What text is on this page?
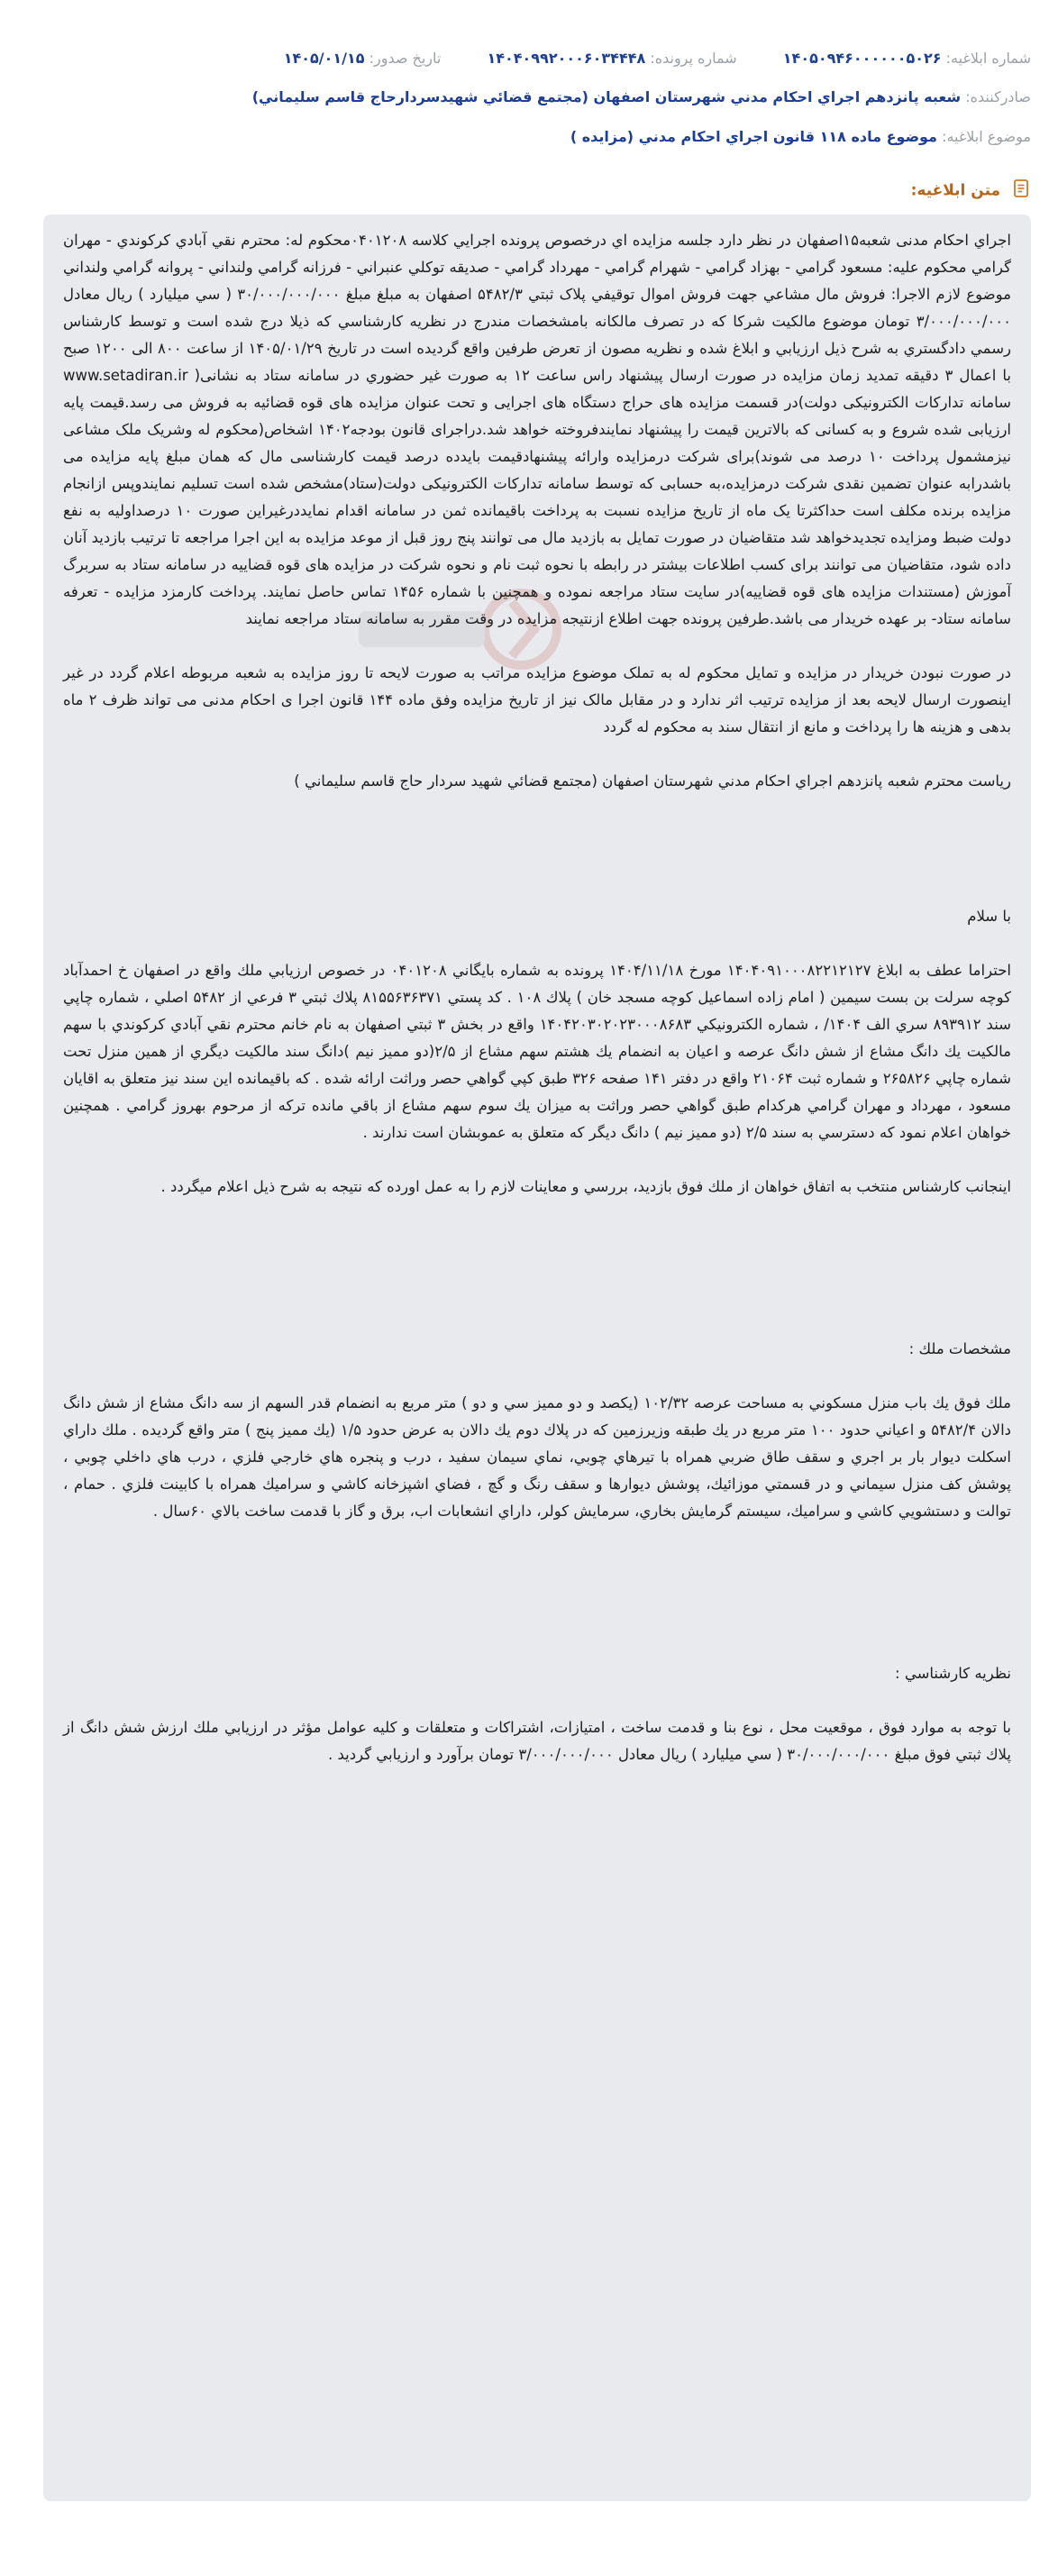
شماره ابلاغیه: ۱۴۰۵۰۹۴۶۰۰۰۰۰۰۵۰۲۶ شماره پرونده: ۱۴۰۴۰۹۹۲۰۰۰۶۰۳۴۴۴۸ تاریخ صدور: ۱۴۰۵/۰۱/۱۵
صادرکننده: شعبه پانزدهم اجراي احكام مدني شهرستان اصفهان (مجتمع قضائي شهيدسردارحاج قاسم سليماني)
موضوع ابلاغیه: موضوع ماده ۱۱۸ قانون اجراي احكام مدني (مزايده )
متن ابلاغیه:

اجراي احكام مدنی شعبه۱۵اصفهان در نظر دارد جلسه مزايده اي درخصوص پرونده اجرايي كلاسه ۰۴۰۱۲۰۸محكوم له: محترم نقي آبادي كركوندي - مهران گرامي محكوم عليه: مسعود گرامي - بهزاد گرامي - شهرام گرامي - مهرداد گرامي - صديقه توكلي عنبراني - فرزانه گرامي ولنداني - پروانه گرامي ولنداني موضوع لازم الاجرا: فروش مال مشاعي جهت فروش اموال توقيفي پلاک ثبتي ۵۴۸۲/۳ اصفهان به مبلغ مبلغ ۳۰/۰۰۰/۰۰۰/۰۰۰ ( سي ميليارد ) ريال معادل ۳/۰۰۰/۰۰۰/۰۰۰ تومان موضوع مالكيت شركا كه در تصرف مالكانه بامشخصات مندرج در نظريه كارشناسي كه ذيلا درج شده است و توسط كارشناس رسمي دادگستري به شرح ذيل ارزيابي و ابلاغ شده و نظريه مصون از تعرض طرفين واقع گرديده است در تاريخ ۱۴۰۵/۰۱/۲۹ از ساعت ۸۰۰ الی ۱۲۰۰ صبح با اعمال ۳ دقيقه تمديد زمان مزايده در صورت ارسال پيشنهاد راس ساعت ۱۲ به صورت غير حضوري در سامانه ستاد به نشانی( www.setadiran.ir سامانه تداركات الكترونيكی دولت)در قسمت مزايده های حراج دستگاه های اجرايی و تحت عنوان مزايده های قوه قضائيه به فروش می رسد.قيمت پايه ارزيابی شده شروع و به كسانی كه بالاترين قيمت را پيشنهاد نمايندفروخته خواهد شد.دراجرای قانون بودجه۱۴۰۲ اشخاص(محكوم له وشريک ملک مشاعی نيزمشمول پرداخت ۱۰ درصد می شوند)برای شركت درمزايده وارائه پيشنهادقيمت بايدده درصد قيمت كارشناسی مال كه همان مبلغ پايه مزايده می باشدرابه عنوان تضمين نقدی شركت درمزايده،به حسابی كه توسط سامانه تداركات الكترونيكی دولت(ستاد)مشخص شده است تسليم نمايندوپس ازانجام مزايده برنده مكلف است حداكثرتا يک ماه از تاريخ مزايده نسبت به پرداخت باقيمانده ثمن در سامانه اقدام نمايددرغيراين صورت ۱۰ درصداوليه به نفع دولت ضبط ومزايده تجديدخواهد شد متقاضيان در صورت تمايل به بازديد مال می توانند پنج روز قبل از موعد مزايده به اين اجرا مراجعه تا ترتيب بازديد آنان داده شود، متقاضيان می توانند برای كسب اطلاعات بيشتر در رابطه با نحوه ثبت نام و نحوه شركت در مزايده های قوه قضاييه در سامانه ستاد به سربرگ آموزش (مستندات مزايده های قوه قضاييه)در سايت ستاد مراجعه نموده و همچنين با شماره ۱۴۵۶ تماس حاصل نمايند. پرداخت كارمزد مزايده - تعرفه سامانه ستاد- بر عهده خريدار می باشد.طرفين پرونده جهت اطلاع ازنتيجه مزايده در وقت مقرر به سامانه ستاد مراجعه نمايند

در صورت نبودن خريدار در مزايده و تمايل محكوم له به تملک موضوع مزايده مراتب به صورت لايحه تا روز مزايده به شعبه مربوطه اعلام گردد در غير اينصورت ارسال لايحه بعد از مزايده ترتيب اثر ندارد و در مقابل مالک نيز از تاريخ مزايده وفق ماده ۱۴۴ قانون اجرا ی احکام مدنی می تواند ظرف ۲ ماه بدهی و هزينه ها را پرداخت و مانع از انتقال سند به محکوم له گردد

رياست محترم شعبه پانزدهم اجراي احكام مدني شهرستان اصفهان (مجتمع قضائي شهيد سردار حاج قاسم سليماني )

با سلام

احتراما عطف به ابلاغ ۱۴۰۴۰۹۱۰۰۰۸۲۲۱۲۱۲۷ مورخ ۱۴۰۴/۱۱/۱۸ پرونده به شماره بايگاني ۰۴۰۱۲۰۸ در خصوص ارزيابي ملك واقع در اصفهان خ احمدآباد كوچه سرلت بن بست سيمين ( امام زاده اسماعيل كوچه مسجد خان ) پلاك ۱۰۸ . كد پستي ۸۱۵۵۶۳۶۳۷۱ پلاك ثبتي ۳ فرعي از ۵۴۸۲ اصلي ، شماره چاپي سند ۸۹۳۹۱۲ سري الف ۱۴۰۴/ ، شماره الكترونيكي ۱۴۰۴۲۰۳۰۲۰۲۳۰۰۰۸۶۸۳ واقع در بخش ۳ ثبتي اصفهان به نام خانم محترم نقي آبادي كركوندي با سهم مالكيت يك دانگ مشاع از شش دانگ عرصه و اعيان به انضمام يك هشتم سهم مشاع از ۲/۵(دو مميز نيم )دانگ سند مالكيت ديگري از همين منزل تحت شماره چاپي ۲۶۵۸۲۶ و شماره ثبت ۲۱۰۶۴ واقع در دفتر ۱۴۱ صفحه ۳۲۶ طبق كپي گواهي حصر وراثت ارائه شده . كه باقيمانده اين سند نيز متعلق به اقايان مسعود ، مهرداد و مهران گرامي هركدام طبق گواهي حصر وراثت به ميزان يك سوم سهم مشاع از باقي مانده تركه از مرحوم بهروز گرامي . همچنين خواهان اعلام نمود كه دسترسي به سند ۲/۵ (دو مميز نيم ) دانگ ديگر كه متعلق به عموبشان است ندارند .

اينجانب كارشناس منتخب به اتفاق خواهان از ملك فوق بازديد، بررسي و معاينات لازم را به عمل اورده كه نتيجه به شرح ذيل اعلام ميگردد .

مشخصات ملك :

ملك فوق يك باب منزل مسكوني به مساحت عرصه ۱۰۲/۳۲ (يكصد و دو مميز سي و دو ) متر مربع به انضمام قدر السهم از سه دانگ مشاع از شش دانگ دالان ۵۴۸۲/۴ و اعياني حدود ۱۰۰ متر مربع در يك طبقه وزيرزمين كه در پلاك دوم يك دالان به عرض حدود ۱/۵ (يك مميز پنج ) متر واقع گرديده . ملك داراي اسكلت ديوار بار بر اجري و سقف طاق ضربي همراه با تيرهاي چوبي، نماي سيمان سفيد ، درب و پنجره هاي خارجي فلزي ، درب هاي داخلي چوبي ، پوشش كف منزل سيماني و در قسمتي موزائيك، پوشش ديوارها و سقف رنگ و گچ ، فضاي اشپزخانه كاشي و سراميك همراه با كابينت فلزي . حمام ، توالت و دستشويي كاشي و سراميك، سيستم گرمايش بخاري، سرمايش كولر، داراي انشعابات اب، برق و گاز با قدمت ساخت بالاي ۶۰سال .

نظريه كارشناسي :

با توجه به موارد فوق ، موقعيت محل ، نوع بنا و قدمت ساخت ، امتيازات، اشتراكات و متعلقات و كليه عوامل مؤثر در ارزيابي ملك ارزش شش دانگ از پلاك ثبتي فوق مبلغ ۳۰/۰۰۰/۰۰۰/۰۰۰ ( سي ميليارد ) ريال معادل ۳/۰۰۰/۰۰۰/۰۰۰ تومان برآورد و ارزيابي گرديد .
